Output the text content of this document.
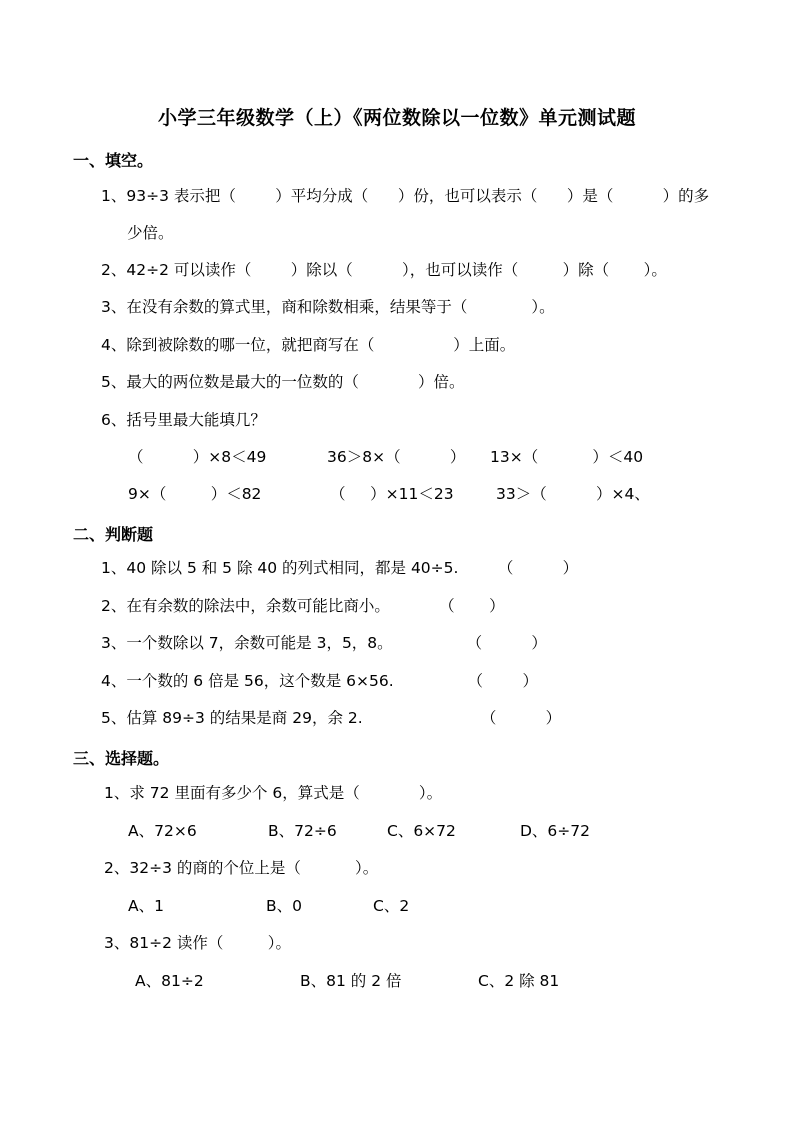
小学三年级数学（上）《两位数除以一位数》单元测试题
一、填空。
1、93÷3 表示把（        ）平均分成（      ）份，也可以表示（      ）是（          ）的多
少倍。
2、42÷2 可以读作（        ）除以（          ），也可以读作（         ）除（       ）。
3、在没有余数的算式里，商和除数相乘，结果等于（             ）。
4、除到被除数的哪一位，就把商写在（                ）上面。
5、最大的两位数是最大的一位数的（            ）倍。
6、括号里最大能填几？
（          ）×8＜49	36＞8×（          ） 13×（           ）＜40
9×（         ）＜82	（     ）×11＜23	33＞（          ）×4、
二、判断题
1、40 除以 5 和 5 除 40 的列式相同，都是 40÷5.        （          ）
2、在有余数的除法中，余数可能比商小。          （       ）
3、一个数除以 7，余数可能是 3，5，8。               （          ）
4、一个数的 6 倍是 56，这个数是 6×56.               （        ）
5、估算 89÷3 的结果是商 29，余 2.                        （          ）
三、选择题。
1、求 72 里面有多少个 6，算式是（            ）。
A、72×6	B、72÷6	C、6×72	D、6÷72
2、32÷3 的商的个位上是（           ）。
A、1	B、0	C、2
3、81÷2 读作（         ）。
A、81÷2	B、81 的 2 倍	C、2 除 81
